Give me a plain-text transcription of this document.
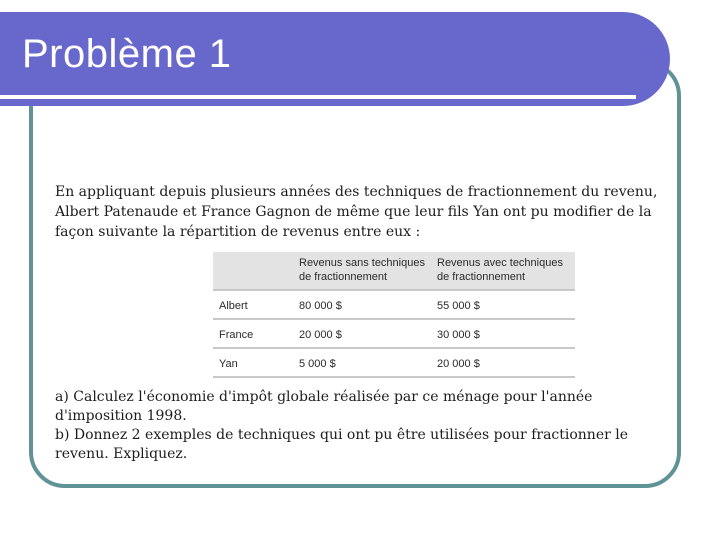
Problème 1

En appliquant depuis plusieurs années des techniques de fractionnement du revenu, Albert Patenaude et France Gagnon de même que leur fils Yan ont pu modifier de la façon suivante la répartition de revenus entre eux :

	Revenus sans techniques de fractionnement	Revenus avec techniques de fractionnement
Albert	80 000 $	55 000 $
France	20 000 $	30 000 $
Yan	5 000 $	20 000 $

a) Calculez l'économie d'impôt globale réalisée par ce ménage pour l'année d'imposition 1998.

b) Donnez 2 exemples de techniques qui ont pu être utilisées pour fractionner le revenu. Expliquez.
